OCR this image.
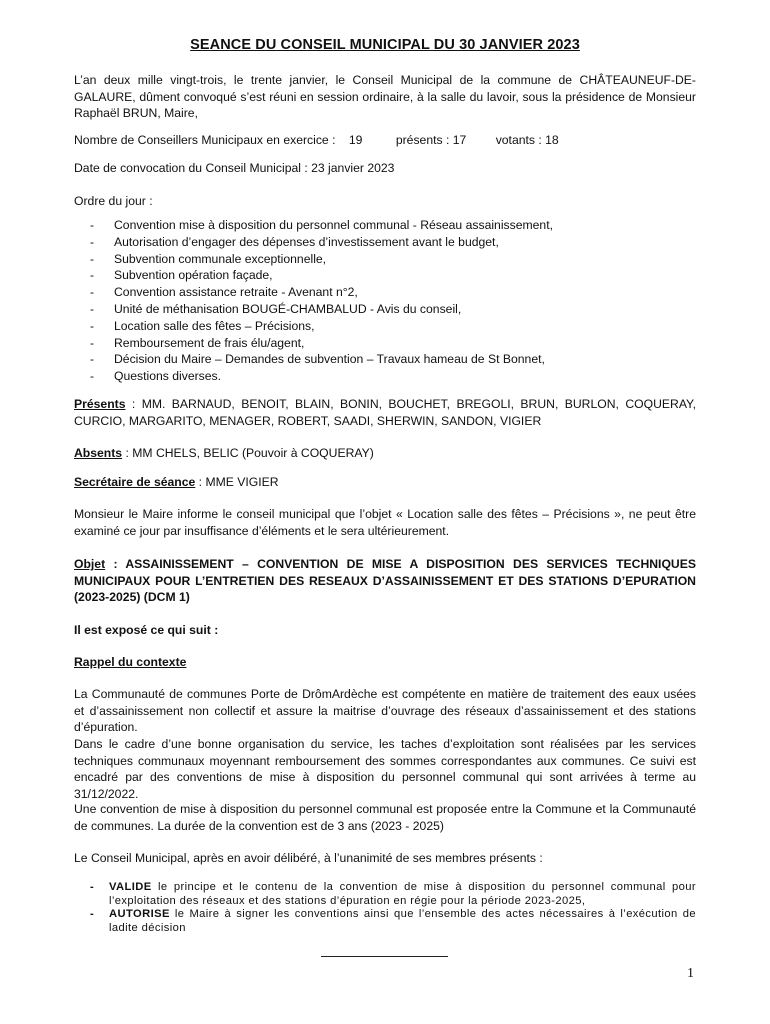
SEANCE DU CONSEIL MUNICIPAL DU 30 JANVIER 2023

L’an deux mille vingt-trois, le trente janvier, le Conseil Municipal de la commune de CHÂTEAUNEUF-DE-GALAURE, dûment convoqué s’est réuni en session ordinaire, à la salle du lavoir, sous la présidence de Monsieur Raphaël BRUN, Maire,

Nombre de Conseillers Municipaux en exercice : 19	présents : 17 votants : 18
Date de convocation du Conseil Municipal : 23 janvier 2023
Ordre du jour :
- Convention mise à disposition du personnel communal - Réseau assainissement,
- Autorisation d’engager des dépenses d’investissement avant le budget,
- Subvention communale exceptionnelle,
- Subvention opération façade,
- Convention assistance retraite - Avenant n°2,
- Unité de méthanisation BOUGÉ-CHAMBALUD - Avis du conseil,
- Location salle des fêtes – Précisions,
- Remboursement de frais élu/agent,
- Décision du Maire – Demandes de subvention – Travaux hameau de St Bonnet,
- Questions diverses.

Présents : MM. BARNAUD, BENOIT, BLAIN, BONIN, BOUCHET, BREGOLI, BRUN, BURLON, COQUERAY, CURCIO, MARGARITO, MENAGER, ROBERT, SAADI, SHERWIN, SANDON, VIGIER

Absents : MM CHELS, BELIC (Pouvoir à COQUERAY)

Secrétaire de séance : MME VIGIER

Monsieur le Maire informe le conseil municipal que l’objet « Location salle des fêtes – Précisions », ne peut être examiné ce jour par insuffisance d’éléments et le sera ultérieurement.

Objet : ASSAINISSEMENT – CONVENTION DE MISE A DISPOSITION DES SERVICES TECHNIQUES MUNICIPAUX POUR L’ENTRETIEN DES RESEAUX D’ASSAINISSEMENT ET DES STATIONS D’EPURATION (2023-2025) (DCM 1)

Il est exposé ce qui suit :
Rappel du contexte

La Communauté de communes Porte de DrômArdèche est compétente en matière de traitement des eaux usées et d’assainissement non collectif et assure la maitrise d’ouvrage des réseaux d’assainissement et des stations d’épuration.

Dans le cadre d’une bonne organisation du service, les taches d’exploitation sont réalisées par les services techniques communaux moyennant remboursement des sommes correspondantes aux communes. Ce suivi est encadré par des conventions de mise à disposition du personnel communal qui sont arrivées à terme au 31/12/2022.

Une convention de mise à disposition du personnel communal est proposée entre la Commune et la Communauté de communes. La durée de la convention est de 3 ans (2023 - 2025)

Le Conseil Municipal, après en avoir délibéré, à l’unanimité de ses membres présents :
- VALIDE le principe et le contenu de la convention de mise à disposition du personnel communal pour l’exploitation des réseaux et des stations d’épuration en régie pour la période 2023-2025,
- AUTORISE le Maire à signer les conventions ainsi que l’ensemble des actes nécessaires à l’exécution de ladite décision
1
